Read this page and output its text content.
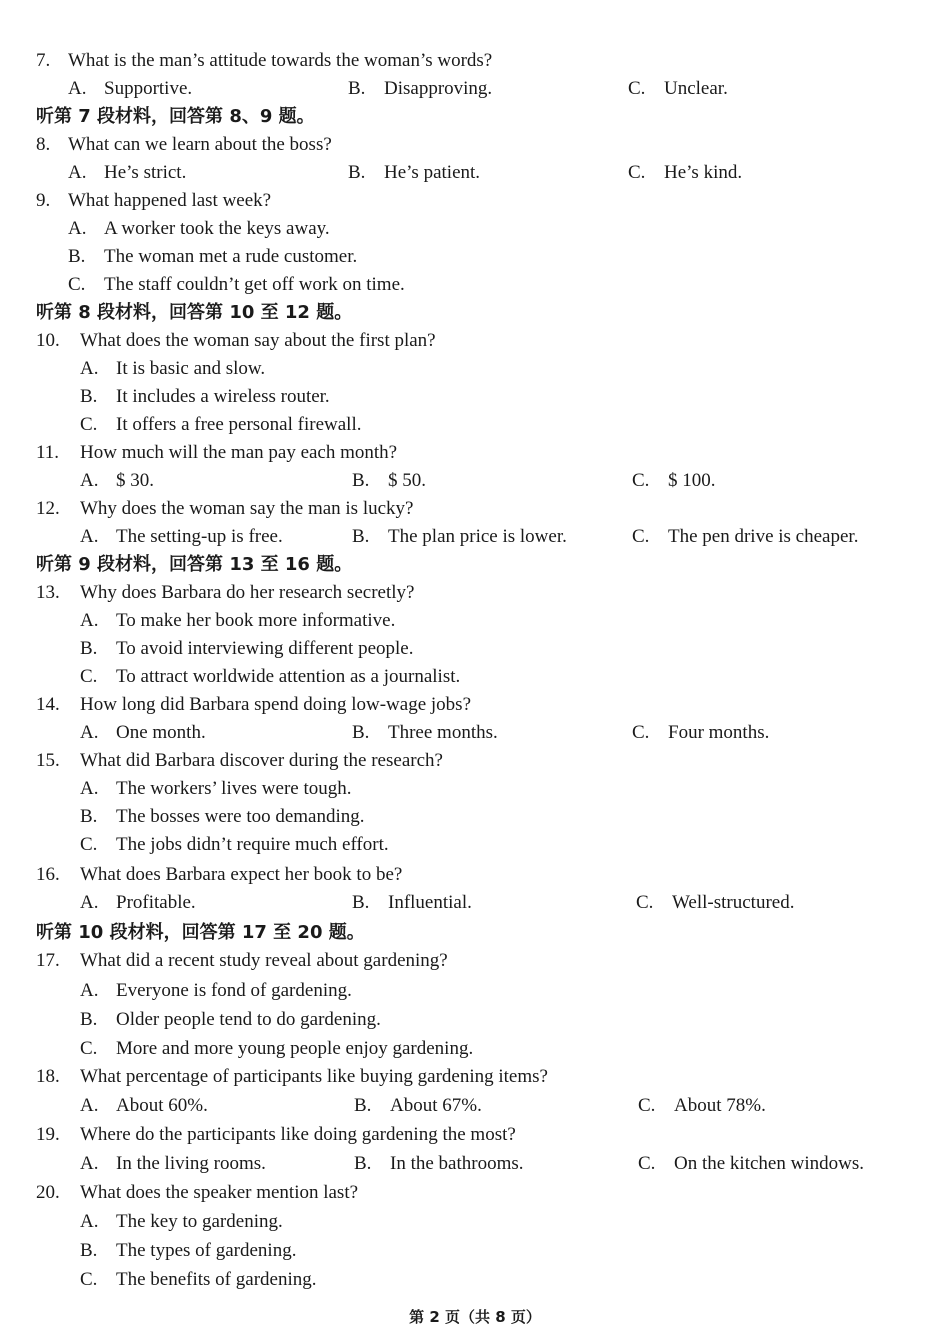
7. What is the man’s attitude towards the woman’s words?
A. Supportive.	B. Disapproving.	C. Unclear.
听第 7 段材料，回答第 8、9 题。
8. What can we learn about the boss?
A. He’s strict.	B. He’s patient.	C. He’s kind.
9. What happened last week?
A. A worker took the keys away.
B. The woman met a rude customer.
C. The staff couldn’t get off work on time.
听第 8 段材料，回答第 10 至 12 题。
10. What does the woman say about the first plan?
A. It is basic and slow.
B. It includes a wireless router.
C. It offers a free personal firewall.
11. How much will the man pay each month?
A. $ 30.	B. $ 50.	C. $ 100.
12. Why does the woman say the man is lucky?
A. The setting-up is free.	B. The plan price is lower.	C. The pen drive is cheaper.
听第 9 段材料，回答第 13 至 16 题。
13. Why does Barbara do her research secretly?
A. To make her book more informative.
B. To avoid interviewing different people.
C. To attract worldwide attention as a journalist.
14. How long did Barbara spend doing low-wage jobs?
A. One month.	B. Three months.	C. Four months.
15. What did Barbara discover during the research?
A. The workers’ lives were tough.
B. The bosses were too demanding.
C. The jobs didn’t require much effort.
16. What does Barbara expect her book to be?
A. Profitable.	B. Influential.	C. Well-structured.
听第 10 段材料，回答第 17 至 20 题。
17. What did a recent study reveal about gardening?
A. Everyone is fond of gardening.
B. Older people tend to do gardening.
C. More and more young people enjoy gardening.
18. What percentage of participants like buying gardening items?
A. About 60%.	B. About 67%.	C. About 78%.
19. Where do the participants like doing gardening the most?
A. In the living rooms.	B. In the bathrooms.	C. On the kitchen windows.
20. What does the speaker mention last?
A. The key to gardening.
B. The types of gardening.
C. The benefits of gardening.
第 2 页（共 8 页）
